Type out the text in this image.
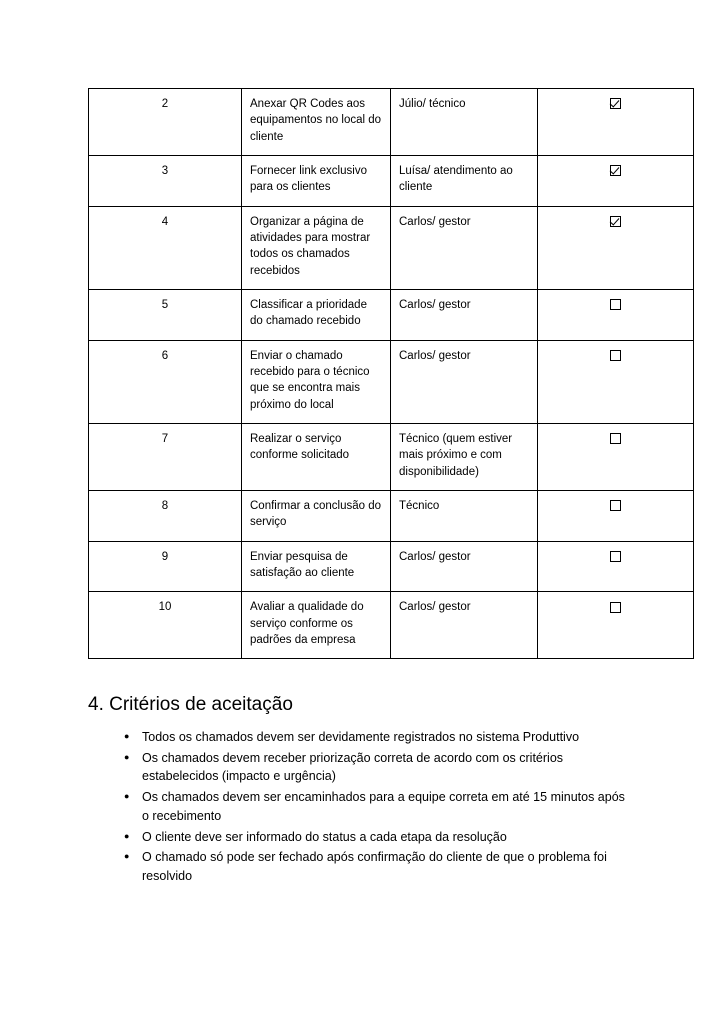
2	Anexar QR Codes aos equipamentos no local do cliente	Júlio/ técnico	
3	Fornecer link exclusivo para os clientes	Luísa/ atendimento ao cliente	
4	Organizar a página de atividades para mostrar todos os chamados recebidos	Carlos/ gestor	
5	Classificar a prioridade do chamado recebido	Carlos/ gestor	
6	Enviar o chamado recebido para o técnico que se encontra mais próximo do local	Carlos/ gestor	
7	Realizar o serviço conforme solicitado	Técnico (quem estiver mais próximo e com disponibilidade)	
8	Confirmar a conclusão do serviço	Técnico	
9	Enviar pesquisa de satisfação ao cliente	Carlos/ gestor	
10	Avaliar a qualidade do serviço conforme os padrões da empresa	Carlos/ gestor	
4. Critérios de aceitação
● Todos os chamados devem ser devidamente registrados no sistema Produttivo
● Os chamados devem receber priorização correta de acordo com os critérios estabelecidos (impacto e urgência)
● Os chamados devem ser encaminhados para a equipe correta em até 15 minutos após o recebimento
● O cliente deve ser informado do status a cada etapa da resolução
● O chamado só pode ser fechado após confirmação do cliente de que o problema foi resolvido
